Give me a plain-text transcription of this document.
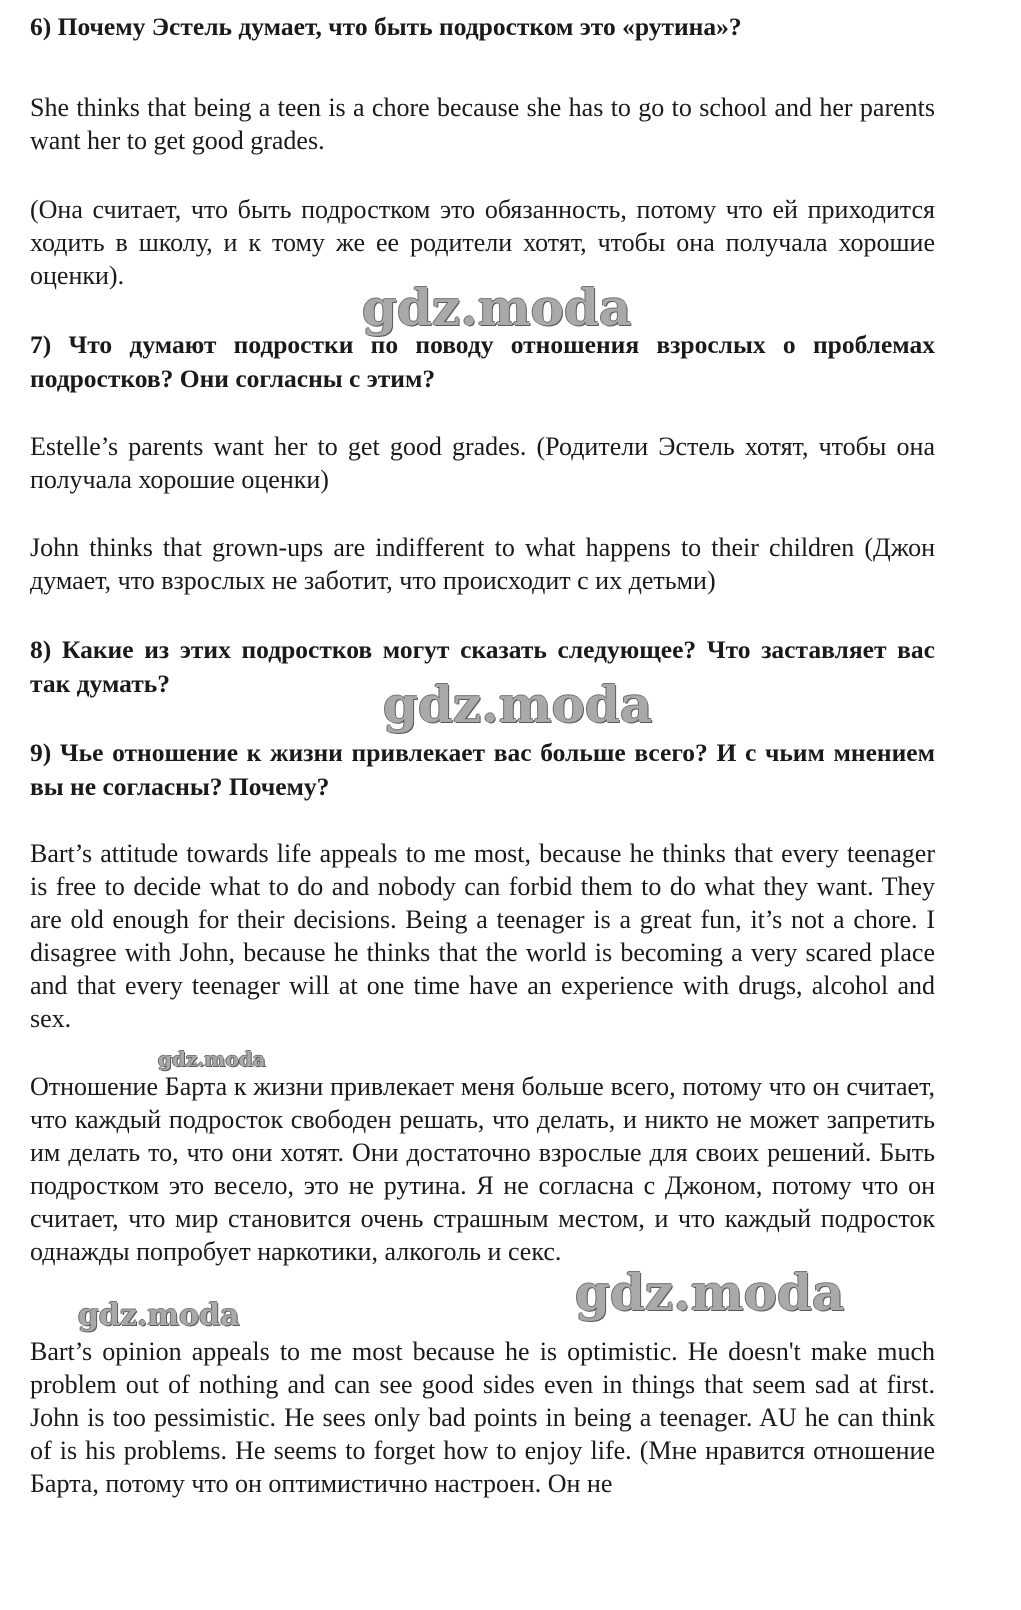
6) Почему Эстель думает, что быть подростком это «рутина»?

She thinks that being a teen is a chore because she has to go to school and her parents want her to get good grades.

(Она считает, что быть подростком это обязанность, потому что ей приходится ходить в школу, и к тому же ее родители хотят, чтобы она получала хорошие оценки).

7) Что думают подростки по поводу отношения взрослых о проблемах подростков? Они согласны с этим?

Estelle’s parents want her to get good grades. (Родители Эстель хотят, чтобы она получала хорошие оценки)

John thinks that grown-ups are indifferent to what happens to their children (Джон думает, что взрослых не заботит, что происходит с их детьми)

8) Какие из этих подростков могут сказать следующее? Что заставляет вас так думать?

9) Чье отношение к жизни привлекает вас больше всего? И с чьим мнением вы не согласны? Почему?

Bart’s attitude towards life appeals to me most, because he thinks that every teenager is free to decide what to do and nobody can forbid them to do what they want. They are old enough for their decisions. Being a teenager is a great fun, it’s not a chore. I disagree with John, because he thinks that the world is becoming a very scared place and that every teenager will at one time have an experience with drugs, alcohol and sex.

Отношение Барта к жизни привлекает меня больше всего, потому что он считает, что каждый подросток свободен решать, что делать, и никто не может запретить им делать то, что они хотят. Они достаточно взрослые для своих решений. Быть подростком это весело, это не рутина. Я не согласна с Джоном, потому что он считает, что мир становится очень страшным местом, и что каждый подросток однажды попробует наркотики, алкоголь и секс.

Bart’s opinion appeals to me most because he is optimistic. He doesn't make much problem out of nothing and can see good sides even in things that seem sad at first. John is too pessimistic. He sees only bad points in being a teenager. AU he can think of is his problems. He seems to forget how to enjoy life. (Мне нравится отношение Барта, потому что он оптимистично настроен. Он не

gdz.moda
gdz.moda
gdz.moda
gdz.moda
gdz.moda
